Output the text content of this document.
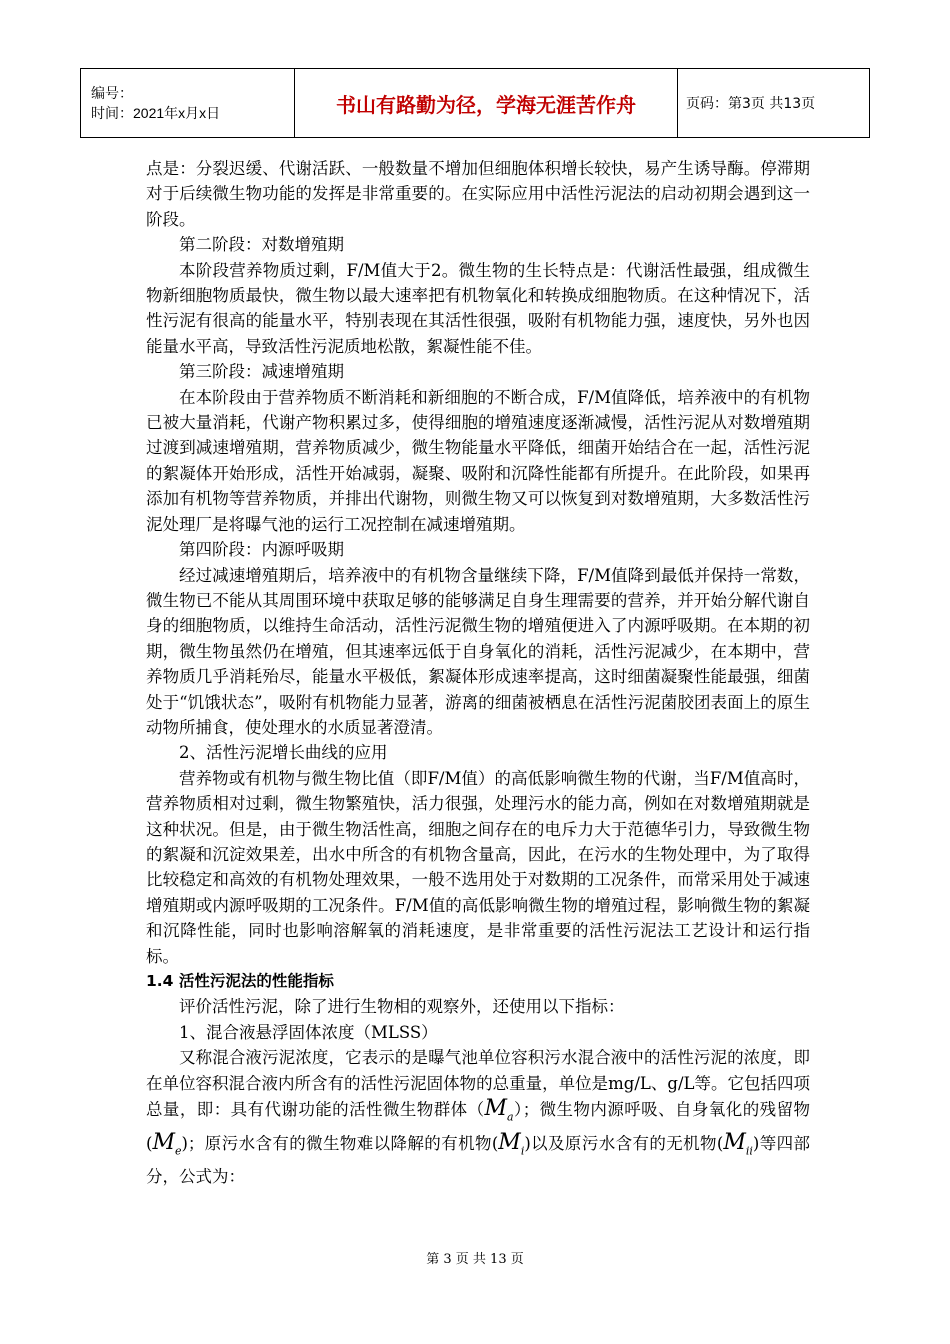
编号：
时间：2021年x月x日	书山有路勤为径，学海无涯苦作舟	页码：第3页 共13页

点是：分裂迟缓、代谢活跃、一般数量不增加但细胞体积增长较快，易产生诱导酶。停滞期对于后续微生物功能的发挥是非常重要的。在实际应用中活性污泥法的启动初期会遇到这一阶段。

第二阶段：对数增殖期

本阶段营养物质过剩，F/M值大于2。微生物的生长特点是：代谢活性最强，组成微生物新细胞物质最快，微生物以最大速率把有机物氧化和转换成细胞物质。在这种情况下，活性污泥有很高的能量水平，特别表现在其活性很强，吸附有机物能力强，速度快，另外也因能量水平高，导致活性污泥质地松散，絮凝性能不佳。

第三阶段：减速增殖期

在本阶段由于营养物质不断消耗和新细胞的不断合成，F/M值降低，培养液中的有机物已被大量消耗，代谢产物积累过多，使得细胞的增殖速度逐渐减慢，活性污泥从对数增殖期过渡到减速增殖期，营养物质减少，微生物能量水平降低，细菌开始结合在一起，活性污泥的絮凝体开始形成，活性开始减弱，凝聚、吸附和沉降性能都有所提升。在此阶段，如果再添加有机物等营养物质，并排出代谢物，则微生物又可以恢复到对数增殖期，大多数活性污泥处理厂是将曝气池的运行工况控制在减速增殖期。

第四阶段：内源呼吸期

经过减速增殖期后，培养液中的有机物含量继续下降，F/M值降到最低并保持一常数，微生物已不能从其周围环境中获取足够的能够满足自身生理需要的营养，并开始分解代谢自身的细胞物质，以维持生命活动，活性污泥微生物的增殖便进入了内源呼吸期。在本期的初期，微生物虽然仍在增殖，但其速率远低于自身氧化的消耗，活性污泥减少，在本期中，营养物质几乎消耗殆尽，能量水平极低，絮凝体形成速率提高，这时细菌凝聚性能最强，细菌处于“饥饿状态”，吸附有机物能力显著，游离的细菌被栖息在活性污泥菌胶团表面上的原生动物所捕食，使处理水的水质显著澄清。

2、活性污泥增长曲线的应用

营养物或有机物与微生物比值（即F/M值）的高低影响微生物的代谢，当F/M值高时，营养物质相对过剩，微生物繁殖快，活力很强，处理污水的能力高，例如在对数增殖期就是这种状况。但是，由于微生物活性高，细胞之间存在的电斥力大于范德华引力，导致微生物的絮凝和沉淀效果差，出水中所含的有机物含量高，因此，在污水的生物处理中，为了取得比较稳定和高效的有机物处理效果，一般不选用处于对数期的工况条件，而常采用处于减速增殖期或内源呼吸期的工况条件。F/M值的高低影响微生物的增殖过程，影响微生物的絮凝和沉降性能，同时也影响溶解氧的消耗速度，是非常重要的活性污泥法工艺设计和运行指标。

1.4 活性污泥法的性能指标

评价活性污泥，除了进行生物相的观察外，还使用以下指标：

1、混合液悬浮固体浓度（MLSS）

又称混合液污泥浓度，它表示的是曝气池单位容积污水混合液中的活性污泥的浓度，即在单位容积混合液内所含有的活性污泥固体物的总重量，单位是mg/L、g/L等。它包括四项总量，即：具有代谢功能的活性微生物群体$(M_a)$；微生物内源呼吸、自身氧化的残留物$(M_e)$；原污水含有的微生物难以降解的有机物$(M_i)$以及原污水含有的无机物$(M_{ii})$等四部分，公式为：

第 3 页 共 13 页
